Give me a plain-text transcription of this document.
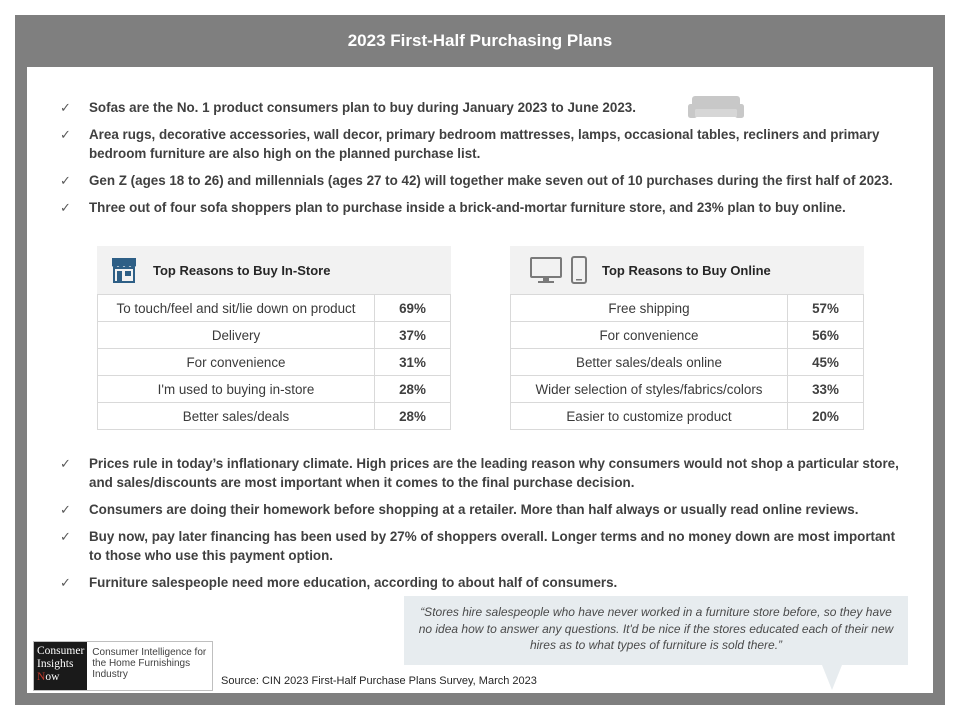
2023 First-Half Purchasing Plans
✓ Sofas are the No. 1 product consumers plan to buy during January 2023 to June 2023.
✓ Area rugs, decorative accessories, wall decor, primary bedroom mattresses, lamps, occasional tables, recliners and primary bedroom furniture are also high on the planned purchase list.
✓ Gen Z (ages 18 to 26) and millennials (ages 27 to 42) will together make seven out of 10 purchases during the first half of 2023.
✓ Three out of four sofa shoppers plan to purchase inside a brick-and-mortar furniture store, and 23% plan to buy online.
Top Reasons to Buy In-Store
To touch/feel and sit/lie down on product	69%
Delivery	37%
For convenience	31%
I'm used to buying in-store	28%
Better sales/deals	28%
Top Reasons to Buy Online
Free shipping	57%
For convenience	56%
Better sales/deals online	45%
Wider selection of styles/fabrics/colors	33%
Easier to customize product	20%
✓ Prices rule in today’s inflationary climate. High prices are the leading reason why consumers would not shop a particular store, and sales/discounts are most important when it comes to the final purchase decision.
✓ Consumers are doing their homework before shopping at a retailer. More than half always or usually read online reviews.
✓ Buy now, pay later financing has been used by 27% of shoppers overall. Longer terms and no money down are most important to those who use this payment option.
✓ Furniture salespeople need more education, according to about half of consumers.
“Stores hire salespeople who have never worked in a furniture store before, so they have no idea how to answer any questions. It'd be nice if the stores educated each of their new hires as to what types of furniture is sold there.”
Consumer
Insights
Now
Consumer Intelligence for the Home Furnishings Industry
Source: CIN 2023 First-Half Purchase Plans Survey, March 2023
